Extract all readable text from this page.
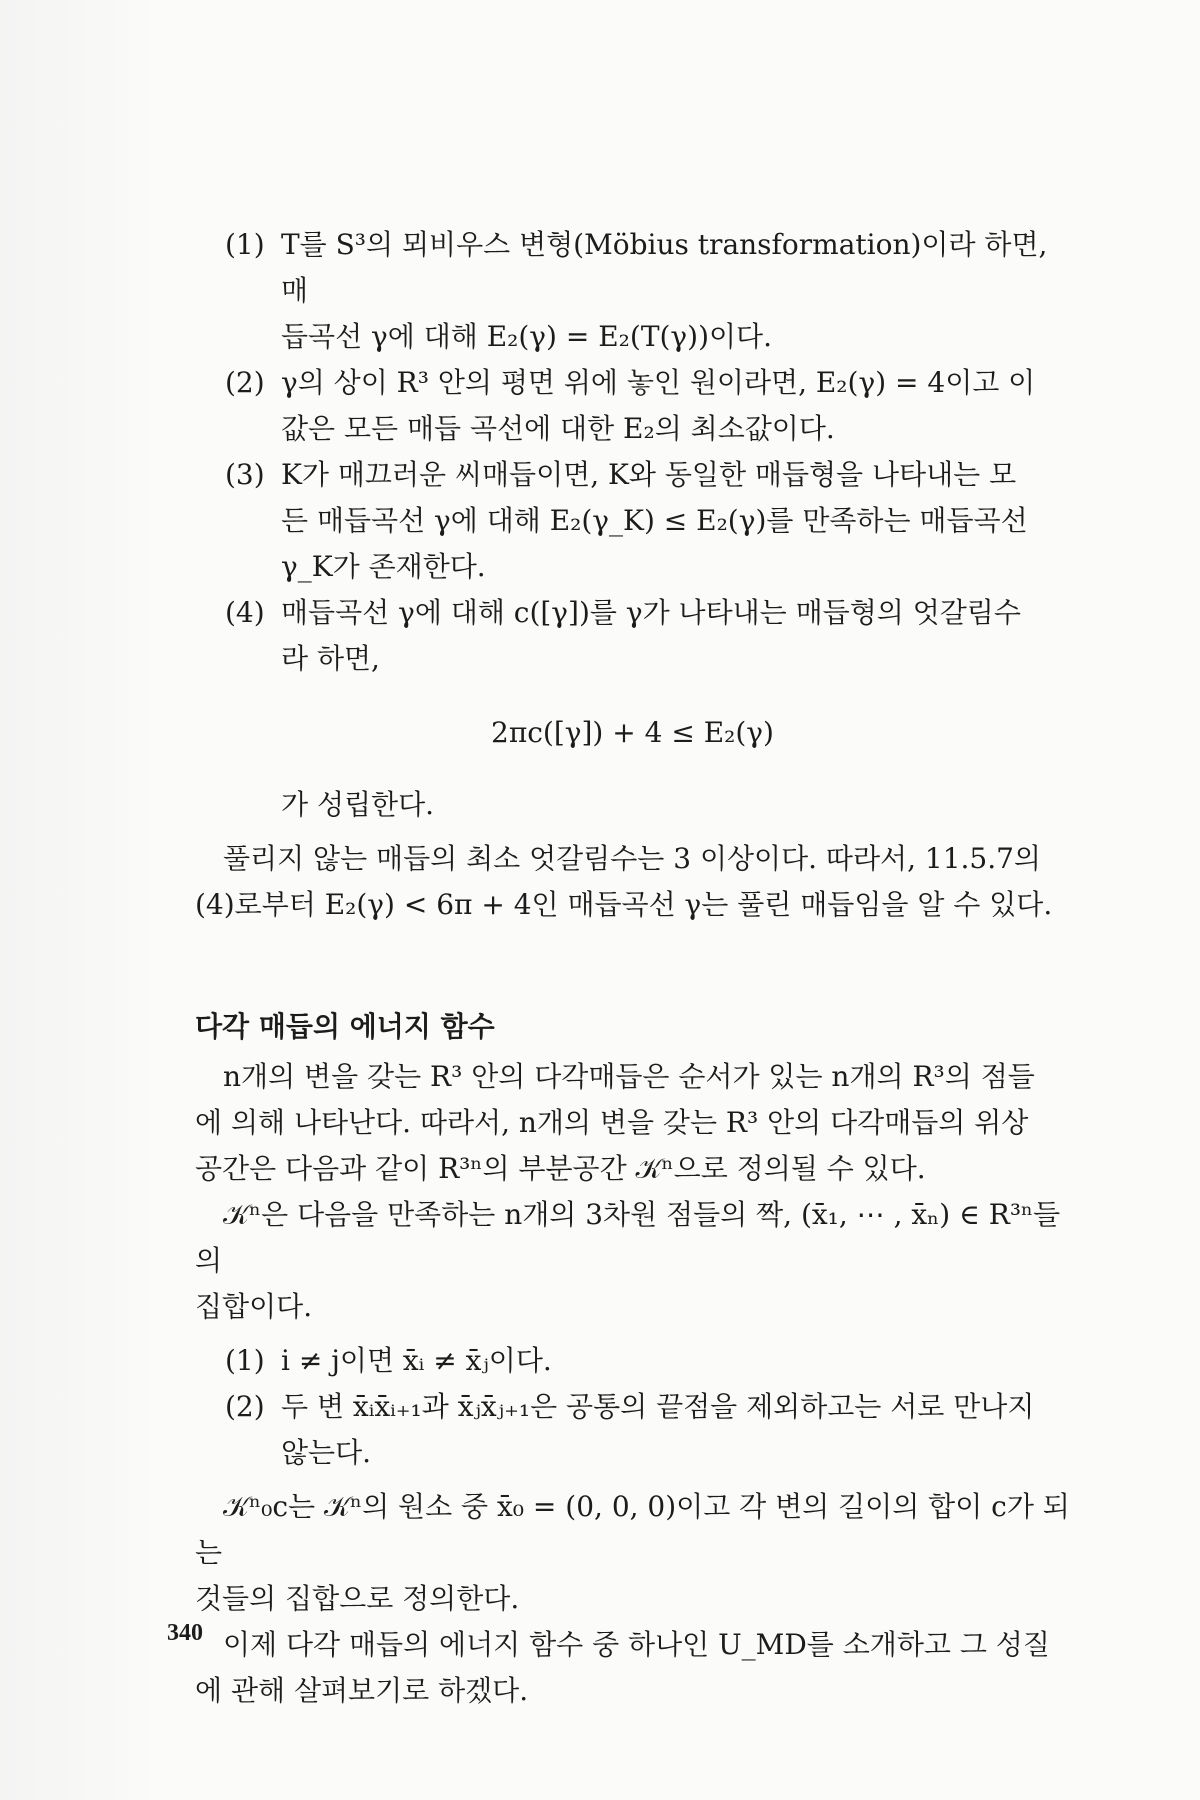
(1) T를 S³의 뫼비우스 변형(Möbius transformation)이라 하면, 매
듭곡선 γ에 대해 E₂(γ) = E₂(T(γ))이다.
(2) γ의 상이 R³ 안의 평면 위에 놓인 원이라면, E₂(γ) = 4이고 이
값은 모든 매듭 곡선에 대한 E₂의 최소값이다.
(3) K가 매끄러운 씨매듭이면, K와 동일한 매듭형을 나타내는 모
든 매듭곡선 γ에 대해 E₂(γ_K) ≤ E₂(γ)를 만족하는 매듭곡선
γ_K가 존재한다.
(4) 매듭곡선 γ에 대해 c([γ])를 γ가 나타내는 매듭형의 엇갈림수
라 하면,
2πc([γ]) + 4 ≤ E₂(γ)

가 성립한다.

풀리지 않는 매듭의 최소 엇갈림수는 3 이상이다. 따라서, 11.5.7의
(4)로부터 E₂(γ) < 6π + 4인 매듭곡선 γ는 풀린 매듭임을 알 수 있다.

다각 매듭의 에너지 함수

n개의 변을 갖는 R³ 안의 다각매듭은 순서가 있는 n개의 R³의 점들
에 의해 나타난다. 따라서, n개의 변을 갖는 R³ 안의 다각매듭의 위상
공간은 다음과 같이 R³ⁿ의 부분공간 𝒦ⁿ으로 정의될 수 있다.

𝒦ⁿ은 다음을 만족하는 n개의 3차원 점들의 짝, (x̄₁, ⋯ , x̄ₙ) ∈ R³ⁿ들의
집합이다.

(1) i ≠ j이면 x̄ᵢ ≠ x̄ⱼ이다.
(2) 두 변 x̄ᵢx̄ᵢ₊₁과 x̄ⱼx̄ⱼ₊₁은 공통의 끝점을 제외하고는 서로 만나지
않는다.

𝒦ⁿ₀c는 𝒦ⁿ의 원소 중 x̄₀ = (0, 0, 0)이고 각 변의 길이의 합이 c가 되는
것들의 집합으로 정의한다.

이제 다각 매듭의 에너지 함수 중 하나인 U_MD를 소개하고 그 성질
에 관해 살펴보기로 하겠다.

340
